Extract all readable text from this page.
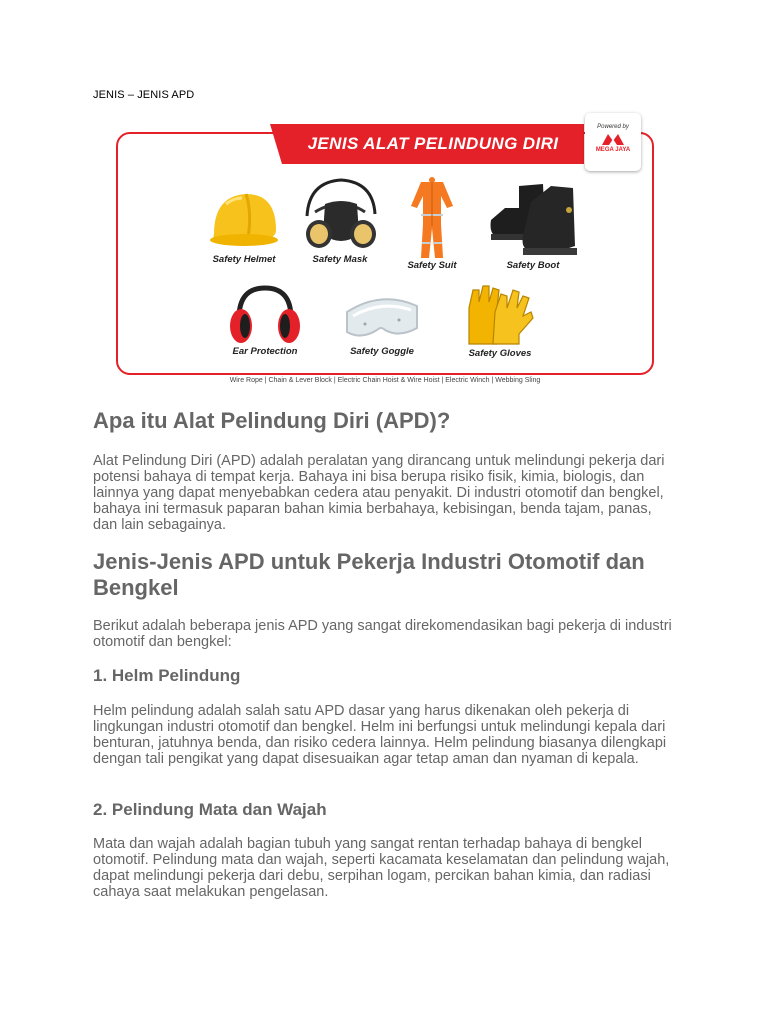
JENIS – JENIS APD
JENIS ALAT PELINDUNG DIRI
Powered by
MEGA JAYA
Safety Helmet	Safety Mask
Safety Suit	Safety Boot
Ear Protection	Safety Goggle	Safety Gloves
Wire Rope | Chain & Lever Block | Electric Chain Hoist & Wire Hoist | Electric Winch | Webbing Sling
Apa itu Alat Pelindung Diri (APD)?

Alat Pelindung Diri (APD) adalah peralatan yang dirancang untuk melindungi pekerja dari potensi bahaya di tempat kerja. Bahaya ini bisa berupa risiko fisik, kimia, biologis, dan lainnya yang dapat menyebabkan cedera atau penyakit. Di industri otomotif dan bengkel, bahaya ini termasuk paparan bahan kimia berbahaya, kebisingan, benda tajam, panas, dan lain sebagainya.

Jenis-Jenis APD untuk Pekerja Industri Otomotif dan Bengkel

Berikut adalah beberapa jenis APD yang sangat direkomendasikan bagi pekerja di industri otomotif dan bengkel:

1. Helm Pelindung

Helm pelindung adalah salah satu APD dasar yang harus dikenakan oleh pekerja di lingkungan industri otomotif dan bengkel. Helm ini berfungsi untuk melindungi kepala dari benturan, jatuhnya benda, dan risiko cedera lainnya. Helm pelindung biasanya dilengkapi dengan tali pengikat yang dapat disesuaikan agar tetap aman dan nyaman di kepala.

2. Pelindung Mata dan Wajah

Mata dan wajah adalah bagian tubuh yang sangat rentan terhadap bahaya di bengkel otomotif. Pelindung mata dan wajah, seperti kacamata keselamatan dan pelindung wajah, dapat melindungi pekerja dari debu, serpihan logam, percikan bahan kimia, dan radiasi cahaya saat melakukan pengelasan.
